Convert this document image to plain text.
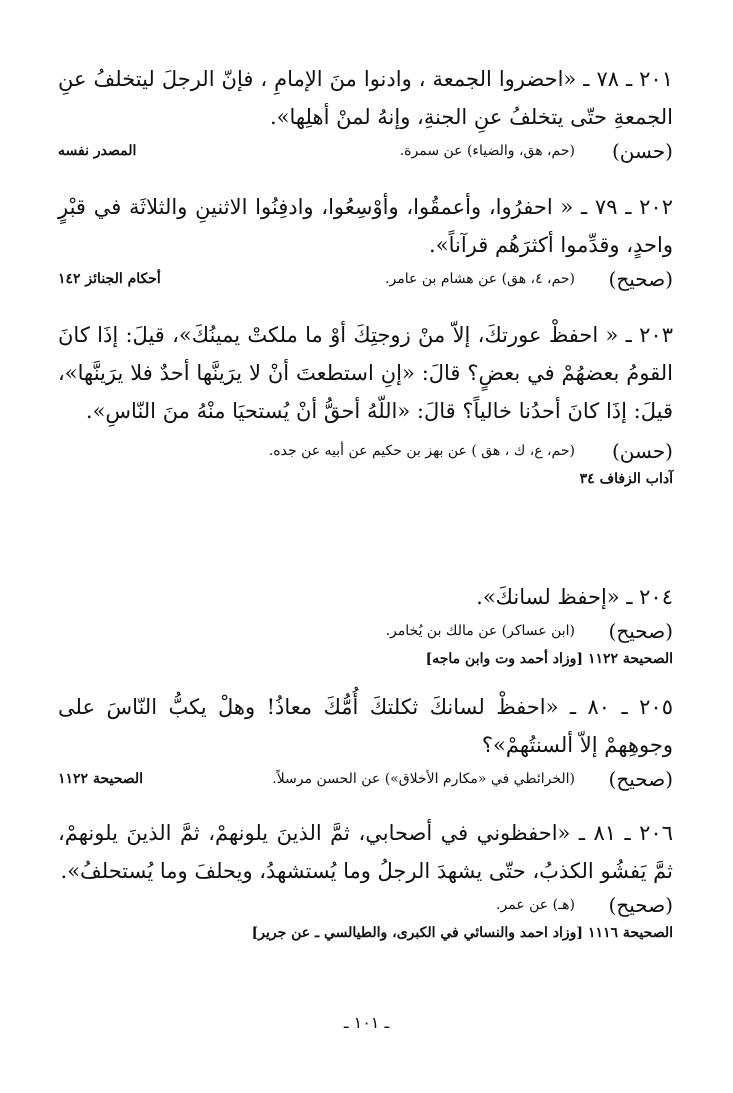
٢٠١ ـ ٧٨ ـ «احضروا الجمعة ، وادنوا منَ الإمامِ ، فإنّ الرجلَ ليتخلفُ عنِ الجمعةِ حتّى يتخلفُ عنِ الجنةِ، وإنهُ لمنْ أهلِها».

(حسن)
(حم، هق، والضياء) عن سمرة.
المصدر نفسه

٢٠٢ ـ ٧٩ ـ « احفرُوا، وأعمقُوا، وأوْسِعُوا، وادفِنُوا الاثنينِ والثلاثَة في قبْرٍ واحدٍ، وقدِّموا أكثرَهُم قرآناً».

(صحيح)
(حم، ٤، هق) عن هشام بن عامر.
أحكام الجنائز ١٤٢

٢٠٣ ـ « احفظْ عورتكَ، إلاّ منْ زوجتِكَ أوْ ما ملكتْ يمينُكَ»، قيلَ: إذَا كانَ القومُ بعضهُمْ في بعضٍ؟ قالَ: «إنِ استطعتَ أنْ لا يرَينَّها أحدٌ فلا يرَينَّها»، قيلَ: إذَا كانَ أحدُنا خالياً؟ قالَ: «اللّهُ أحقُّ أنْ يُستحيَا منْهُ منَ النّاسِ».

(حسن)
(حم، ع، ك ، هق ) عن بهز بن حكيم عن أبيه عن جده.
آداب الزفاف ٣٤

٢٠٤ ـ «إحفظ لسانكَ».

(صحيح)
(ابن عساكر) عن مالك بن يُخامر.
الصحيحة ١١٢٢ [وزاد أحمد وت وابن ماجه]

٢٠٥ ـ ٨٠ ـ «احفظْ لسانكَ ثكلتكَ أُمُّكَ معاذُ! وهلْ يكبُّ النّاسَ على وجوهِهمْ إلاّ ألسنتُهمْ»؟

(صحيح)
(الخرائطي في «مكارم الأخلاق») عن الحسن مرسلاً.
الصحيحة ١١٢٢

٢٠٦ ـ ٨١ ـ «احفظوني في أصحابي، ثمَّ الذينَ يلونهمْ، ثمَّ الذينَ يلونهمْ، ثمَّ يَفشُو الكذبُ، حتّى يشهدَ الرجلُ وما يُستشهدُ، ويحلفَ وما يُستحلفُ».

(صحيح)
(هـ) عن عمر.
الصحيحة ١١١٦ [وزاد احمد والنسائي في الكبرى، والطيالسي ـ عن جرير]
ـ ١٠١ ـ
